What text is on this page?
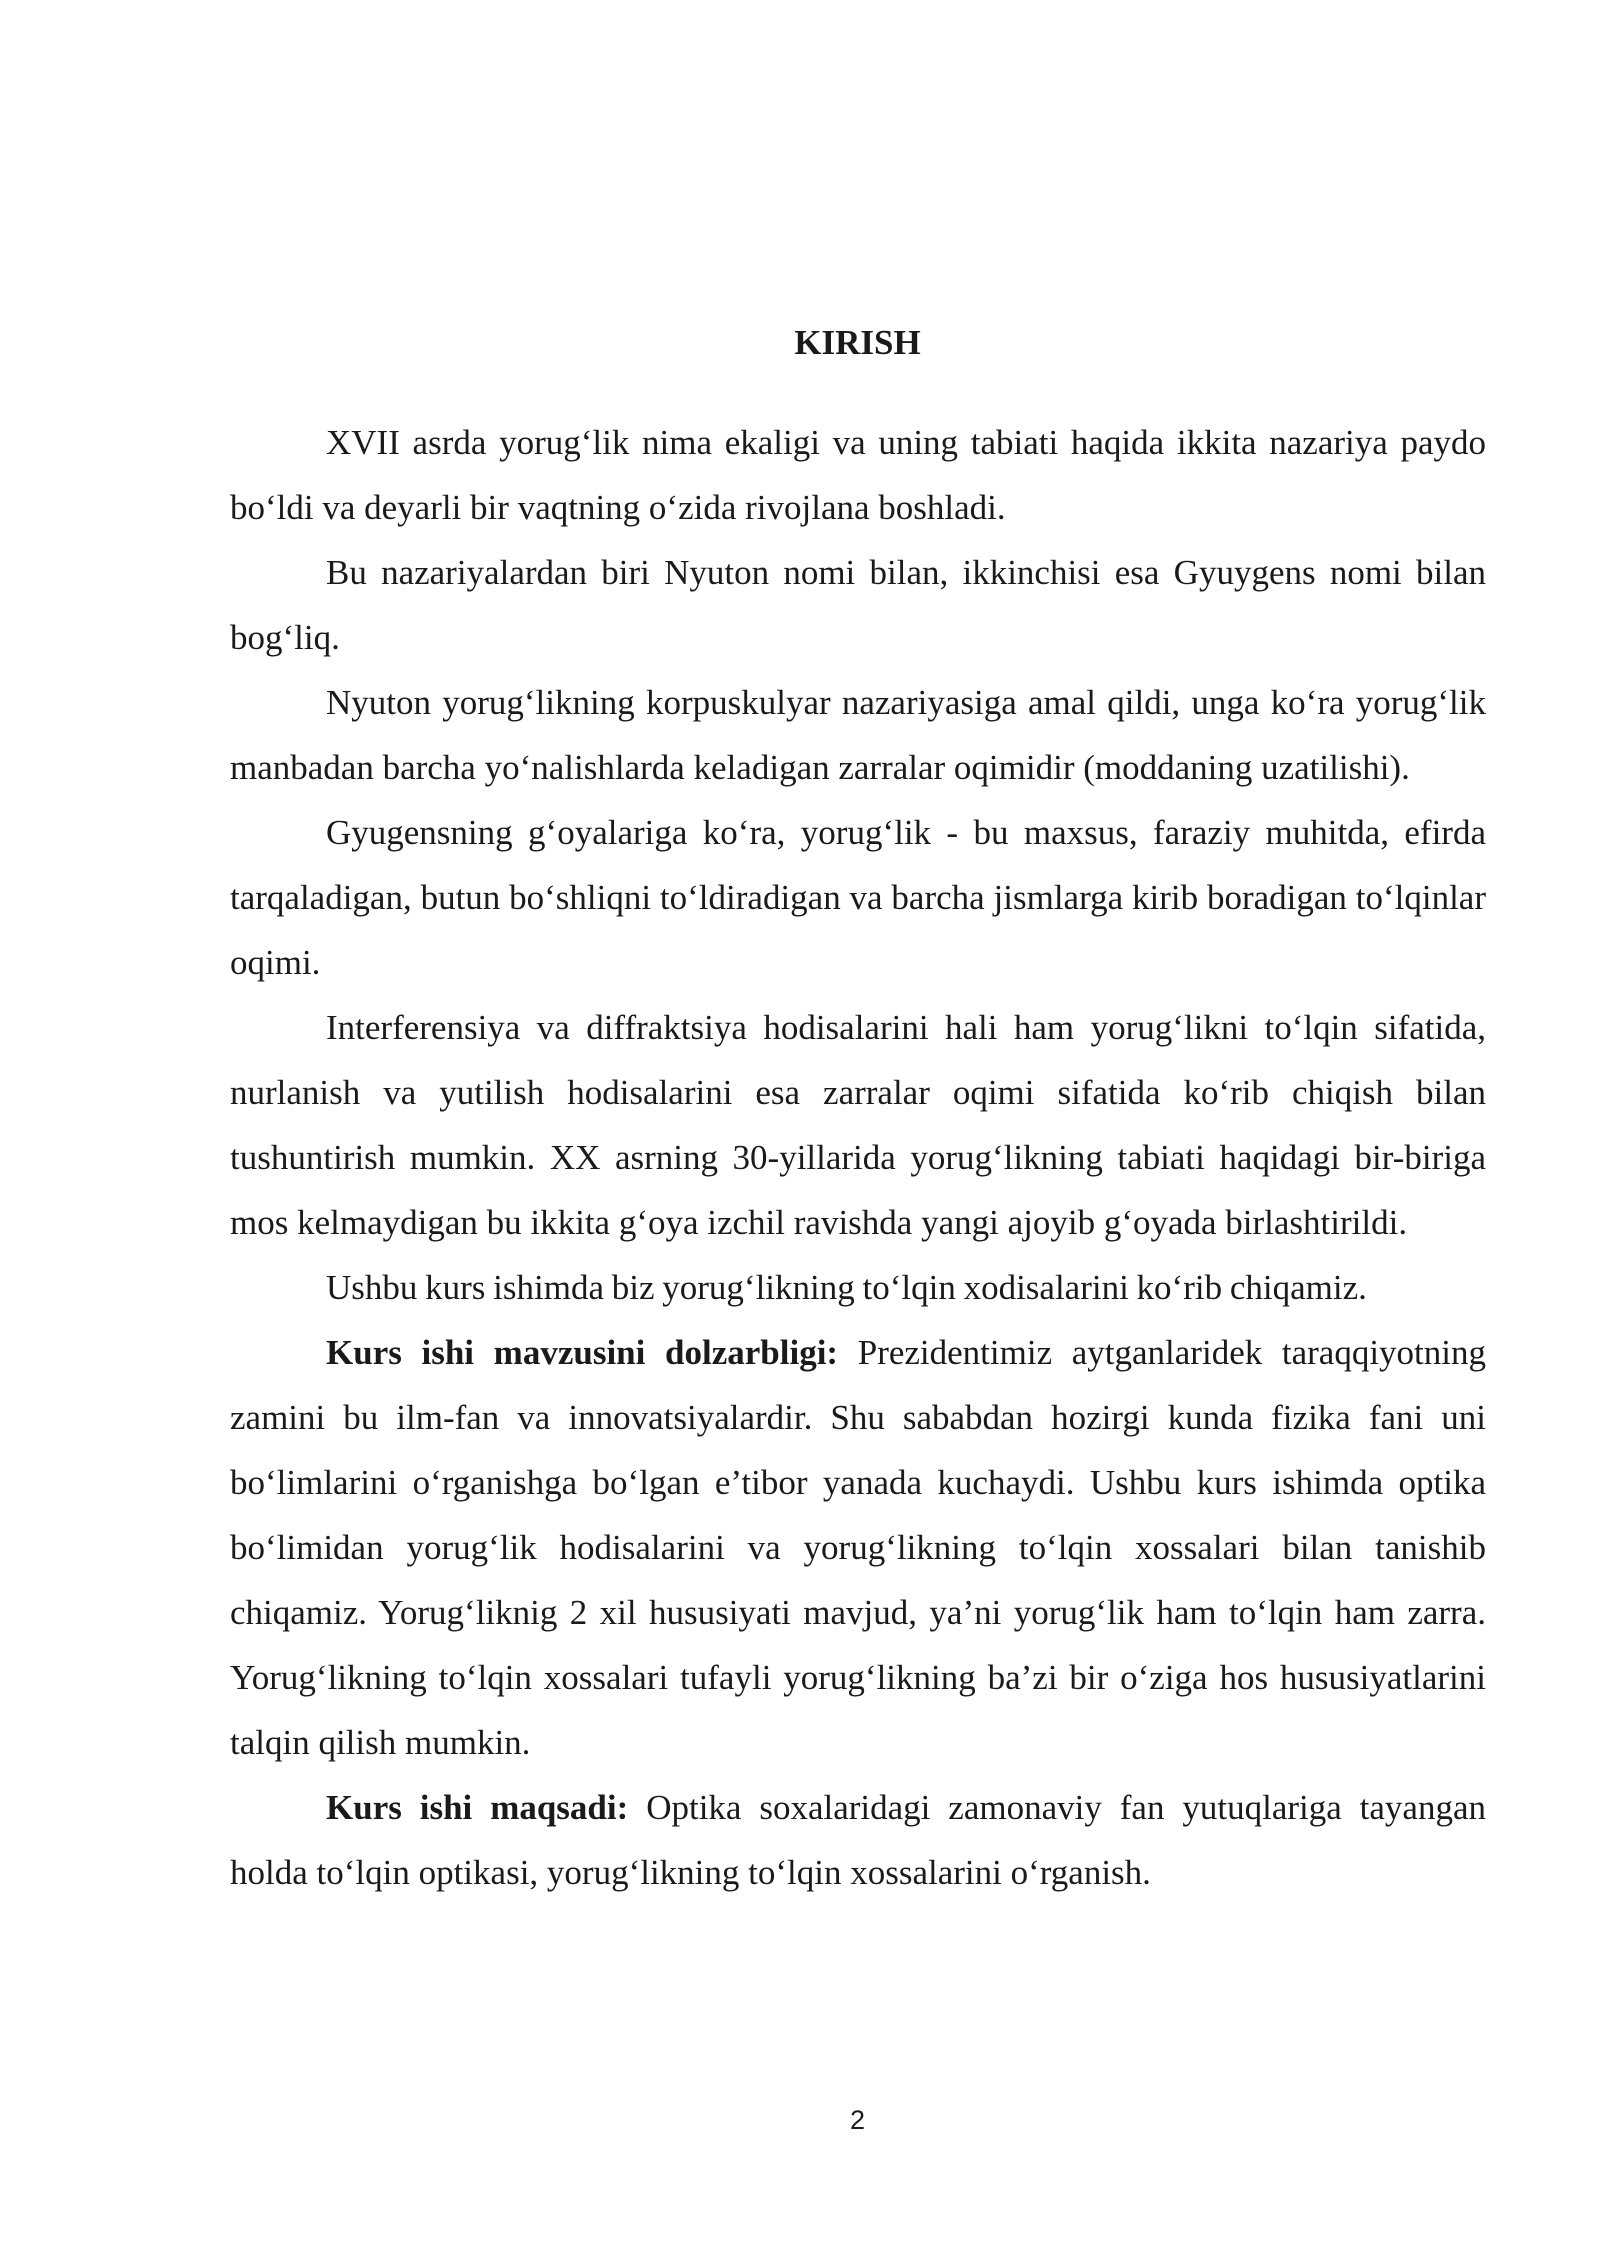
KIRISH

XVII asrda yorug‘lik nima ekaligi va uning tabiati haqida ikkita nazariya paydo bo‘ldi va deyarli bir vaqtning o‘zida rivojlana boshladi.

Bu nazariyalardan biri Nyuton nomi bilan, ikkinchisi esa Gyuygens nomi bilan bog‘liq.

Nyuton yorug‘likning korpuskulyar nazariyasiga amal qildi, unga ko‘ra yorug‘lik manbadan barcha yo‘nalishlarda keladigan zarralar oqimidir (moddaning uzatilishi).

Gyugensning g‘oyalariga ko‘ra, yorug‘lik - bu maxsus, faraziy muhitda, efirda tarqaladigan, butun bo‘shliqni to‘ldiradigan va barcha jismlarga kirib boradigan to‘lqinlar oqimi.

Interferensiya va diffraktsiya hodisalarini hali ham yorug‘likni to‘lqin sifatida, nurlanish va yutilish hodisalarini esa zarralar oqimi sifatida ko‘rib chiqish bilan tushuntirish mumkin. XX asrning 30-yillarida yorug‘likning tabiati haqidagi bir-biriga mos kelmaydigan bu ikkita g‘oya izchil ravishda yangi ajoyib g‘oyada birlashtirildi.

Ushbu kurs ishimda biz yorug‘likning to‘lqin xodisalarini ko‘rib chiqamiz.

Kurs ishi mavzusini dolzarbligi: Prezidentimiz aytganlaridek taraqqiyotning zamini bu ilm-fan va innovatsiyalardir. Shu sababdan hozirgi kunda fizika fani uni bo‘limlarini o‘rganishga bo‘lgan e’tibor yanada kuchaydi. Ushbu kurs ishimda optika bo‘limidan yorug‘lik hodisalarini va yorug‘likning to‘lqin xossalari bilan tanishib chiqamiz. Yorug‘liknig 2 xil hususiyati mavjud, ya’ni yorug‘lik ham to‘lqin ham zarra. Yorug‘likning to‘lqin xossalari tufayli yorug‘likning ba’zi bir o‘ziga hos hususiyatlarini talqin qilish mumkin.

Kurs ishi maqsadi: Optika soxalaridagi zamonaviy fan yutuqlariga tayangan holda to‘lqin optikasi, yorug‘likning to‘lqin xossalarini o‘rganish.

2
